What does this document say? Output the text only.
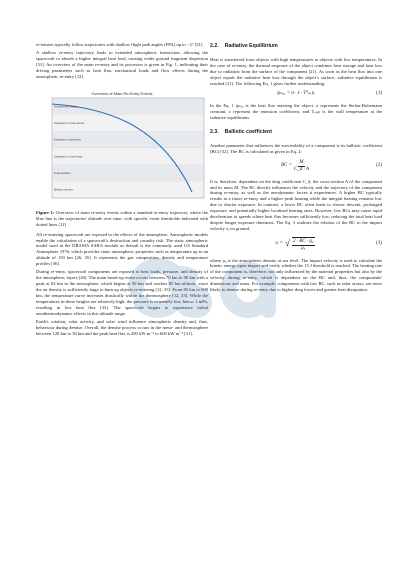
re-entries typically follow trajectories with shallow flight path angles (FPA) up to −2° [31].

A shallow re-entry trajectory leads to extended atmospheric interaction, allowing the spacecraft to absorb a higher integral heat load, causing wider ground fragment dispersion [31]. An overview of the main re-entry and its processes is given in Fig. 1, indicating their driving parameters such as heat flux, mechanical loads and flow effects during the atmospheric re-entry [12].

Overview of Main Re-Entry Events
Aerothermal heating
Separation of solar panels
Separation of antennas
Separation of main body
Fragmentation
Melting / demise
Figure 1: Overview of main re-entry events within a standard re-entry trajectory, where the blue line is the trajectories' altitude over time, with specific event thresholds indicated with dotted lines [12]

All re-entering spacecraft are exposed to the effects of the atmosphere. Atmospheric models enable the calculation of a spacecraft's destruction and casualty risk. The static atmospheric model used in the DRAMA SARA module as default is the commonly used US Standard Atmosphere 1976, which provides static atmospheric properties such as temperature up to an altitude of 150 km [26, 35]. It represents the gas composition, density and temperature profiles [36].

During re-entry, spacecraft components are exposed to heat loads, pressure, and density of the atmospheric layers [26]. The main break-up event occurs between 70 km to 90 km with a peak at 83 km in the mesosphere, which begins at 50 km and reaches 85 km altitude, since the air density is sufficiently large to burn up objects re-entering [12, 33]. From 85 km to 600 km, the temperature curve increases drastically within the thermosphere [12, 33]. While the temperatures in these heights are relatively high, the pressure is extremely low, below 1 mPa, resulting in low heat flux [33]. The spacecraft begins to experience initial aerothermodynamic effects in this altitude range.

Earth's rotation, solar activity, and solar wind influence atmospheric density and, thus, behaviour during demise. Overall, the demise process occurs in the meso- and thermosphere between 120 km to 30 km and the peak heat flux is 200 kW m⁻² to 600 kW m⁻² [31].

2.2. Radiative Equilibrium

Heat is transferred from objects with high temperatures to objects with low temperatures. In the case of re-entry, the thermal response of the object combines heat storage and heat loss due to radiation from the surface of the component [21]. As soon as the heat flux into one object equals the radiative heat loss through the object's surface, radiative equilibrium is reached [21]. The following Eq. 1 gives further understanding:

q̇ₘₐₓ = σ · ε · T⁴ᵥₗᵣᴇ,	(1)

In the Eq. 1 q̇ₘₐₓ is the heat flux entering the object, σ represents the Stefan-Boltzmann constant, ε represent the emission coefficient, and Tᵥₗᵣᴇ is the wall temperature at the radiative equilibrium.

2.3. Ballistic coefficient

Another parameter that influences the survivability of a component is its ballistic coefficient (BC) [32]. The BC is calculated as given in Eq. 2:

BC = $\frac{M}{C\_d \cdot A}$	(2)

It is, therefore, dependent on the drag coefficient C_d, the cross-section A of the component and its mass M. The BC directly influences the velocity and the trajectory of the component during re-entry, as well as the aerodynamic forces it experiences. A higher BC typically results in a faster re-entry and a higher peak heating while the integral heating remains low due to shorter exposure. In contrast, a lower BC often leads to slower descent, prolonged exposure, and potentially higher localised heating rates. However, low BCs may cause rapid deceleration to speeds where heat flux becomes sufficiently low, reducing the total heat load despite longer exposure durations. The Eq. 3 outlines the relation of the BC to the impact velocity vᵢ on ground.

vᵢ = √ $\frac{\text{2 · BC · g₀}}{\text{ρ₀}}$	(3)

where ρ₀ is the atmospheric density at sea level. The impact velocity is used to calculate the kinetic energy upon impact and verify whether the 15 J threshold is reached. The heating rate of the component is, therefore, not only influenced by the material properties but also by the velocity during re-entry, which is dependent on the BC and, thus, the components' dimensions and mass. For example, components with low BC, such as solar arrays, are more likely to demise during re-entry due to higher drag forces and greater heat dissipation.
